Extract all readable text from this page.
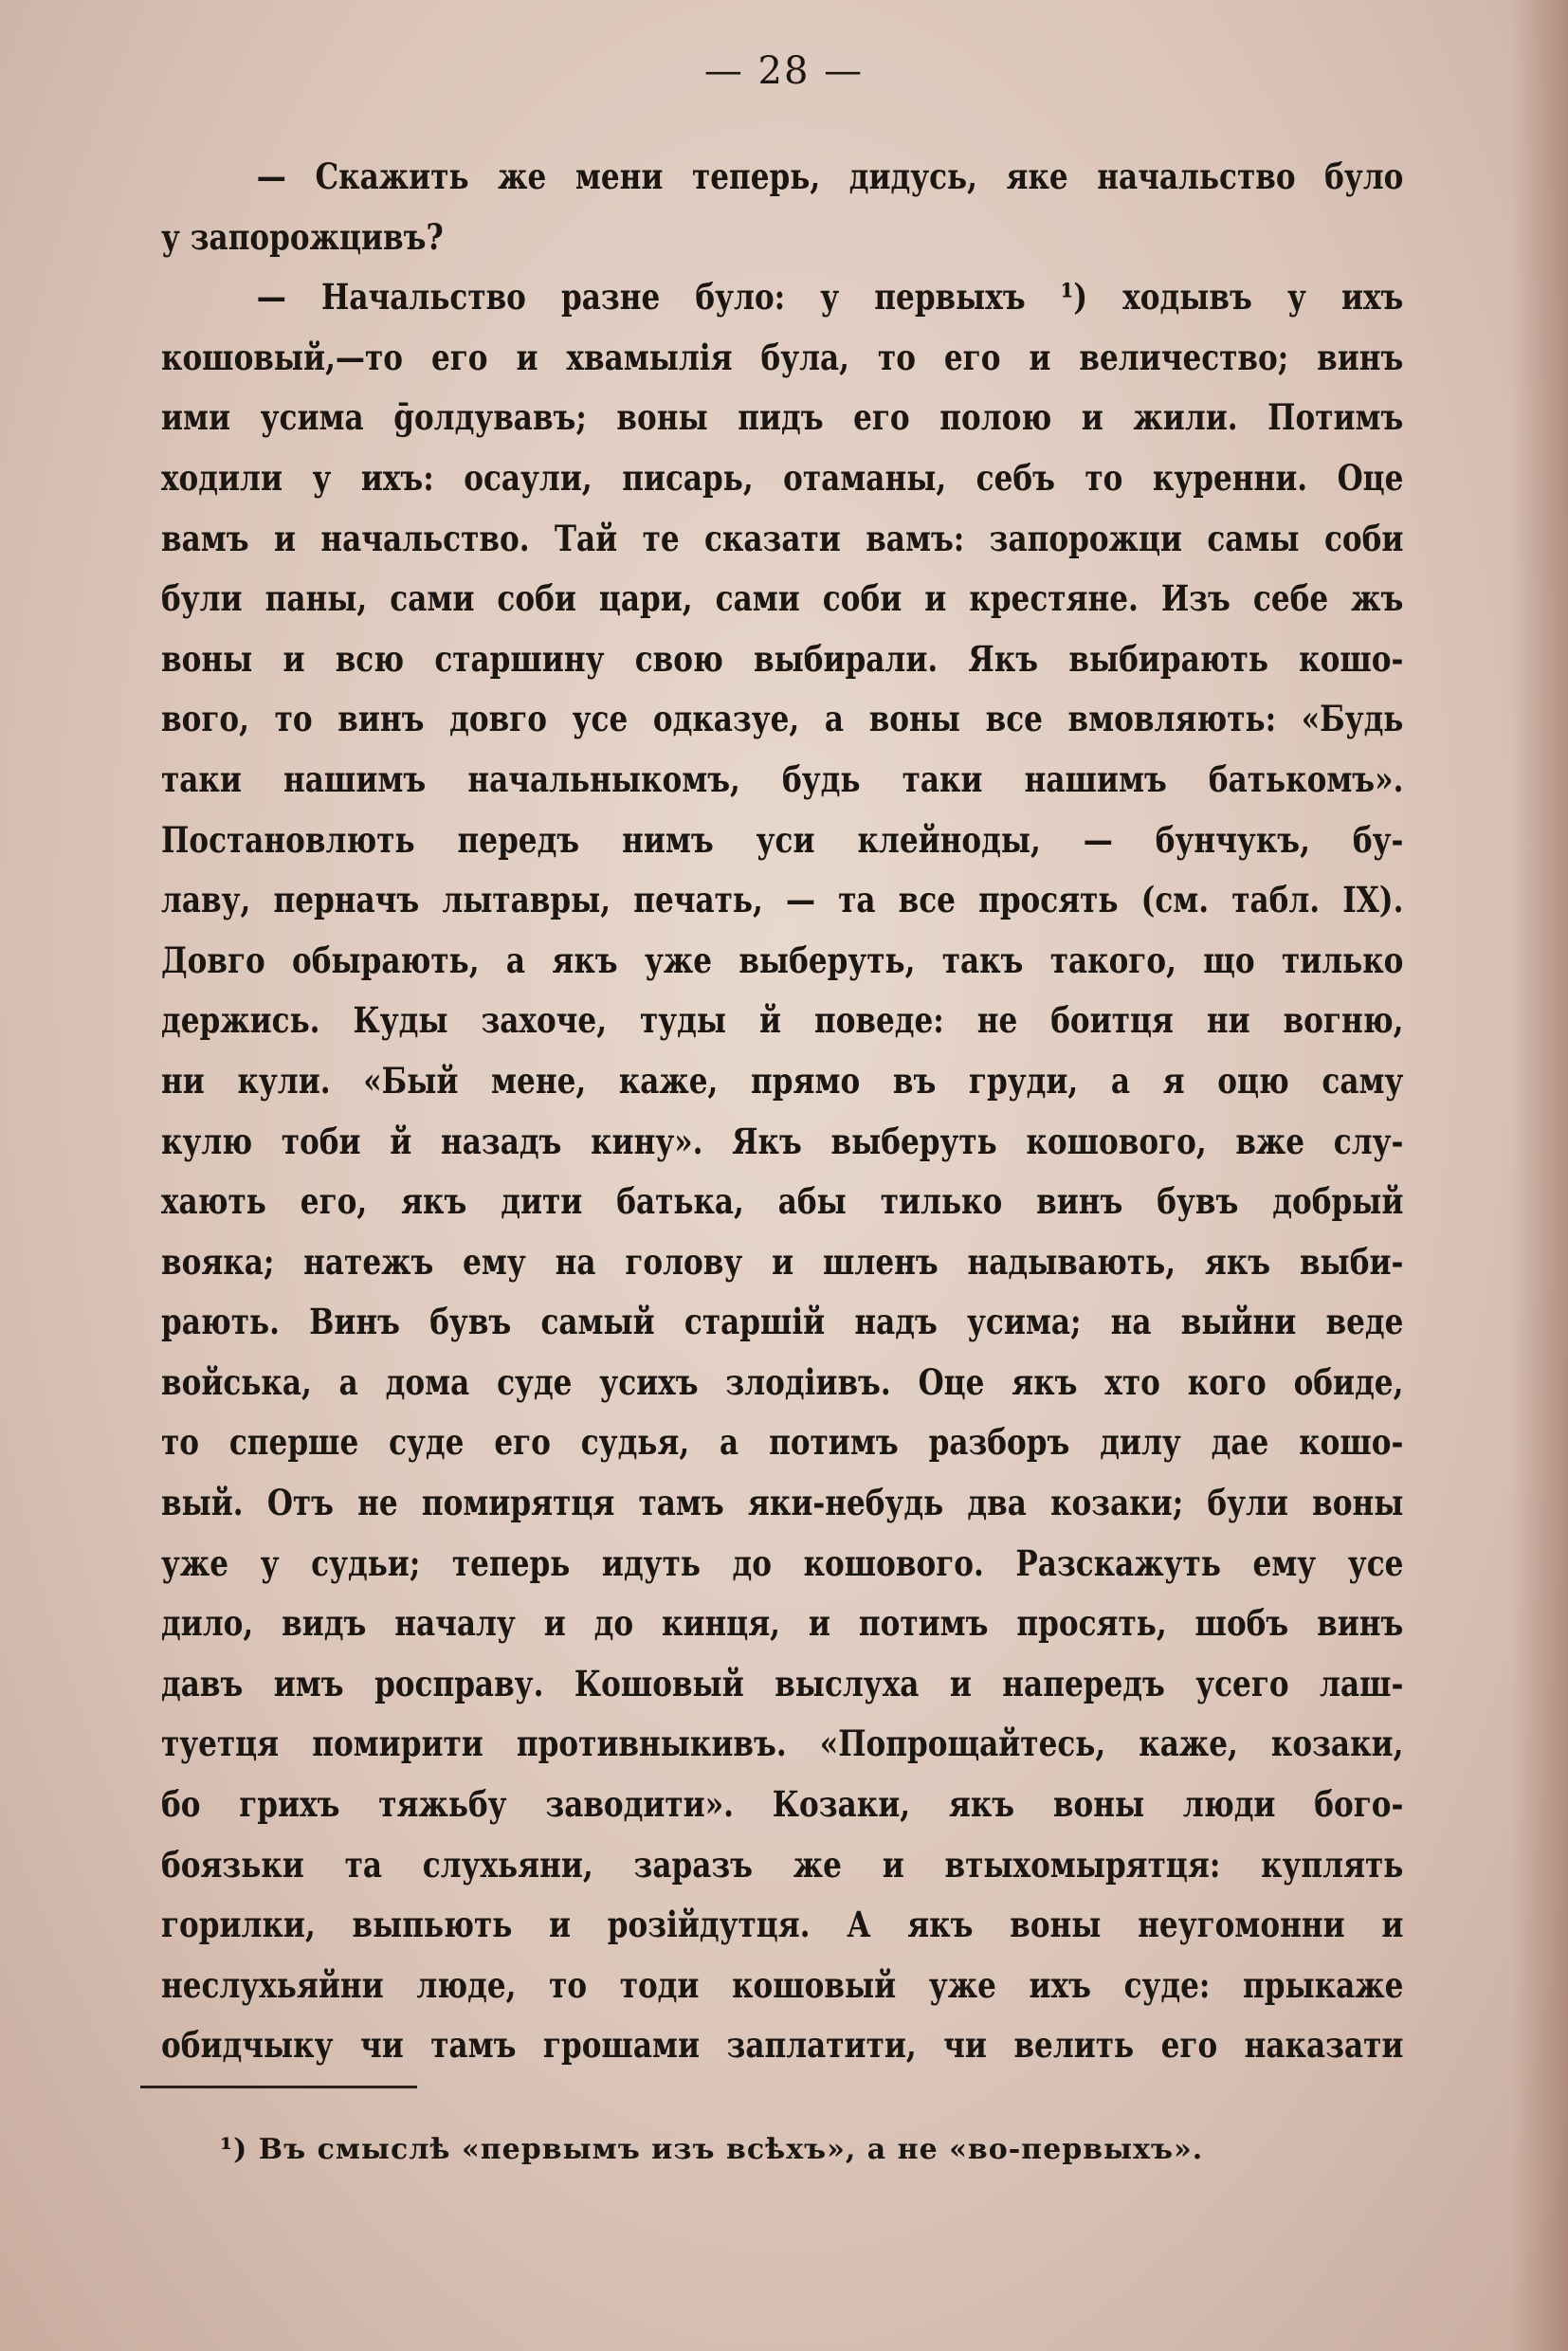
— 28 —
— Скажить же мени теперь, дидусь, яке начальство було
у запорожцивъ?
— Начальство разне було: у первыхъ ¹) ходывъ у ихъ
кошовый,—то его и хвамылія була, то его и величество; винъ
ими усима ḡолдувавъ; воны пидъ его полою и жили. Потимъ
ходили у ихъ: осаули, писарь, отаманы, себъ то куренни. Оце
вамъ и начальство. Тай те сказати вамъ: запорожци самы соби
були паны, сами соби цари, сами соби и крестяне. Изъ себе жъ
воны и всю старшину свою выбирали. Якъ выбирають кошо-
вого, то винъ довго усе одказуе, а воны все вмовляють: «Будь
таки нашимъ начальныкомъ, будь таки нашимъ батькомъ».
Постановлють передъ нимъ уси клейноды, — бунчукъ, бу-
лаву, перначъ лытавры, печать, — та все просять (см. табл. IX).
Довго обырають, а якъ уже выберуть, такъ такого, що тилько
держись. Куды захоче, туды й поведе: не боитця ни вогню,
ни кули. «Бый мене, каже, прямо въ груди, а я оцю саму
кулю тоби й назадъ кину». Якъ выберуть кошового, вже слу-
хають его, якъ дити батька, абы тилько винъ бувъ добрый
вояка; натежъ ему на голову и шленъ надывають, якъ выби-
рають. Винъ бувъ самый старшій надъ усима; на выйни веде
войська, а дома суде усихъ злодіивъ. Оце якъ хто кого обиде,
то сперше суде его судья, а потимъ разборъ дилу дае кошо-
вый. Отъ не помирятця тамъ яки-небудь два козаки; були воны
уже у судьи; теперь идуть до кошового. Разскажуть ему усе
дило, видъ началу и до кинця, и потимъ просять, шобъ винъ
давъ имъ росправу. Кошовый выслуха и напередъ усего лаш-
туетця помирити противныкивъ. «Попрощайтесь, каже, козаки,
бо грихъ тяжьбу заводити». Козаки, якъ воны люди бого-
боязьки та слухьяни, заразъ же и втыхомырятця: куплять
горилки, выпьють и розійдутця. А якъ воны неугомонни и
неслухьяйни люде, то тоди кошовый уже ихъ суде: прыкаже
обидчыку чи тамъ грошами заплатити, чи велить его наказати
¹) Въ смыслѣ «первымъ изъ всѣхъ», а не «во-первыхъ».
